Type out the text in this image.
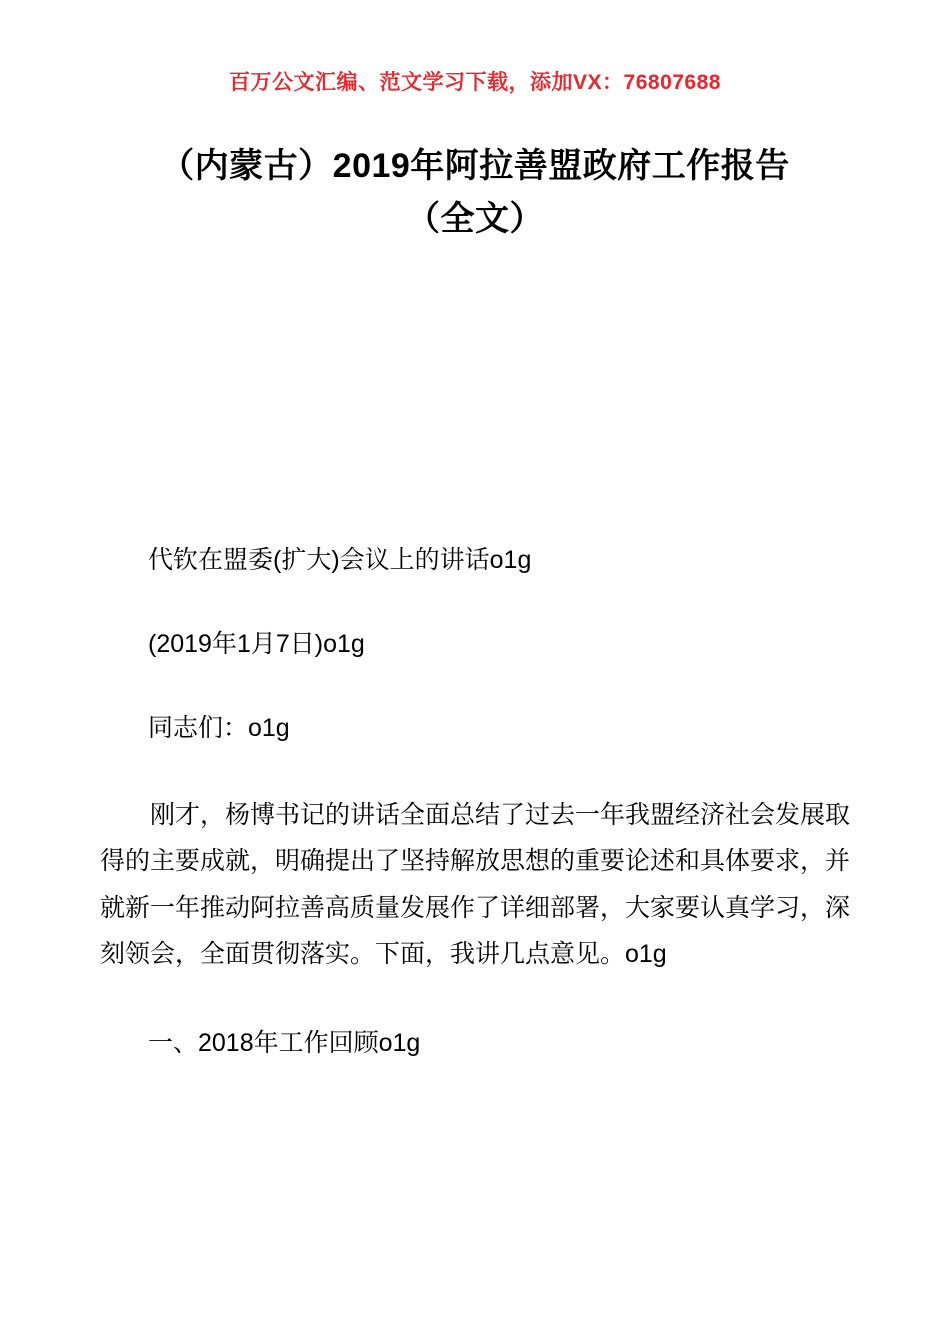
百万公文汇编、范文学习下载，添加VX：76807688
（内蒙古）2019年阿拉善盟政府工作报告（全文）

代钦在盟委(扩大)会议上的讲话o1g

(2019年1月7日)o1g

同志们：o1g

刚才，杨博书记的讲话全面总结了过去一年我盟经济社会发展取得的主要成就，明确提出了坚持解放思想的重要论述和具体要求，并就新一年推动阿拉善高质量发展作了详细部署，大家要认真学习，深刻领会，全面贯彻落实。下面，我讲几点意见。o1g

一、2018年工作回顾o1g
